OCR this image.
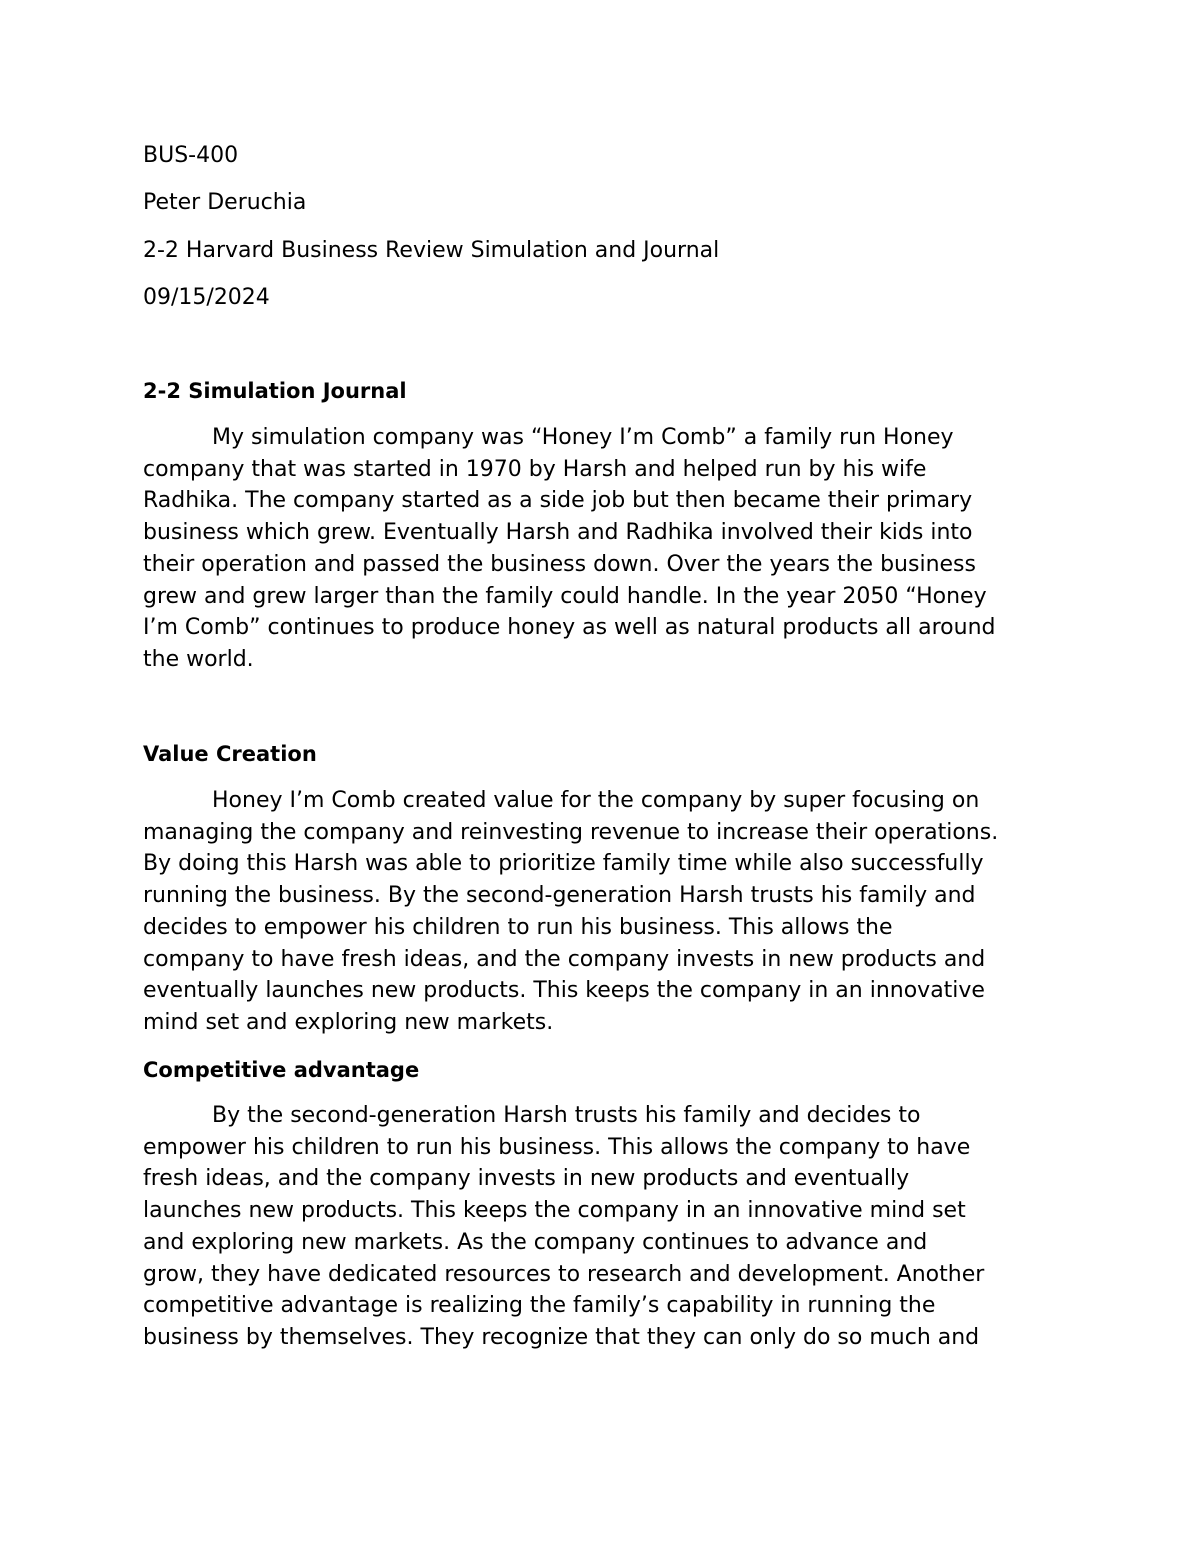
BUS-400
Peter Deruchia
2-2 Harvard Business Review Simulation and Journal
09/15/2024
2-2 Simulation Journal
My simulation company was “Honey I’m Comb” a family run Honey
company that was started in 1970 by Harsh and helped run by his wife
Radhika. The company started as a side job but then became their primary
business which grew. Eventually Harsh and Radhika involved their kids into
their operation and passed the business down. Over the years the business
grew and grew larger than the family could handle. In the year 2050 “Honey
I’m Comb” continues to produce honey as well as natural products all around
the world.
Value Creation
Honey I’m Comb created value for the company by super focusing on
managing the company and reinvesting revenue to increase their operations.
By doing this Harsh was able to prioritize family time while also successfully
running the business. By the second-generation Harsh trusts his family and
decides to empower his children to run his business. This allows the
company to have fresh ideas, and the company invests in new products and
eventually launches new products. This keeps the company in an innovative
mind set and exploring new markets.
Competitive advantage
By the second-generation Harsh trusts his family and decides to
empower his children to run his business. This allows the company to have
fresh ideas, and the company invests in new products and eventually
launches new products. This keeps the company in an innovative mind set
and exploring new markets. As the company continues to advance and
grow, they have dedicated resources to research and development. Another
competitive advantage is realizing the family’s capability in running the
business by themselves. They recognize that they can only do so much and
